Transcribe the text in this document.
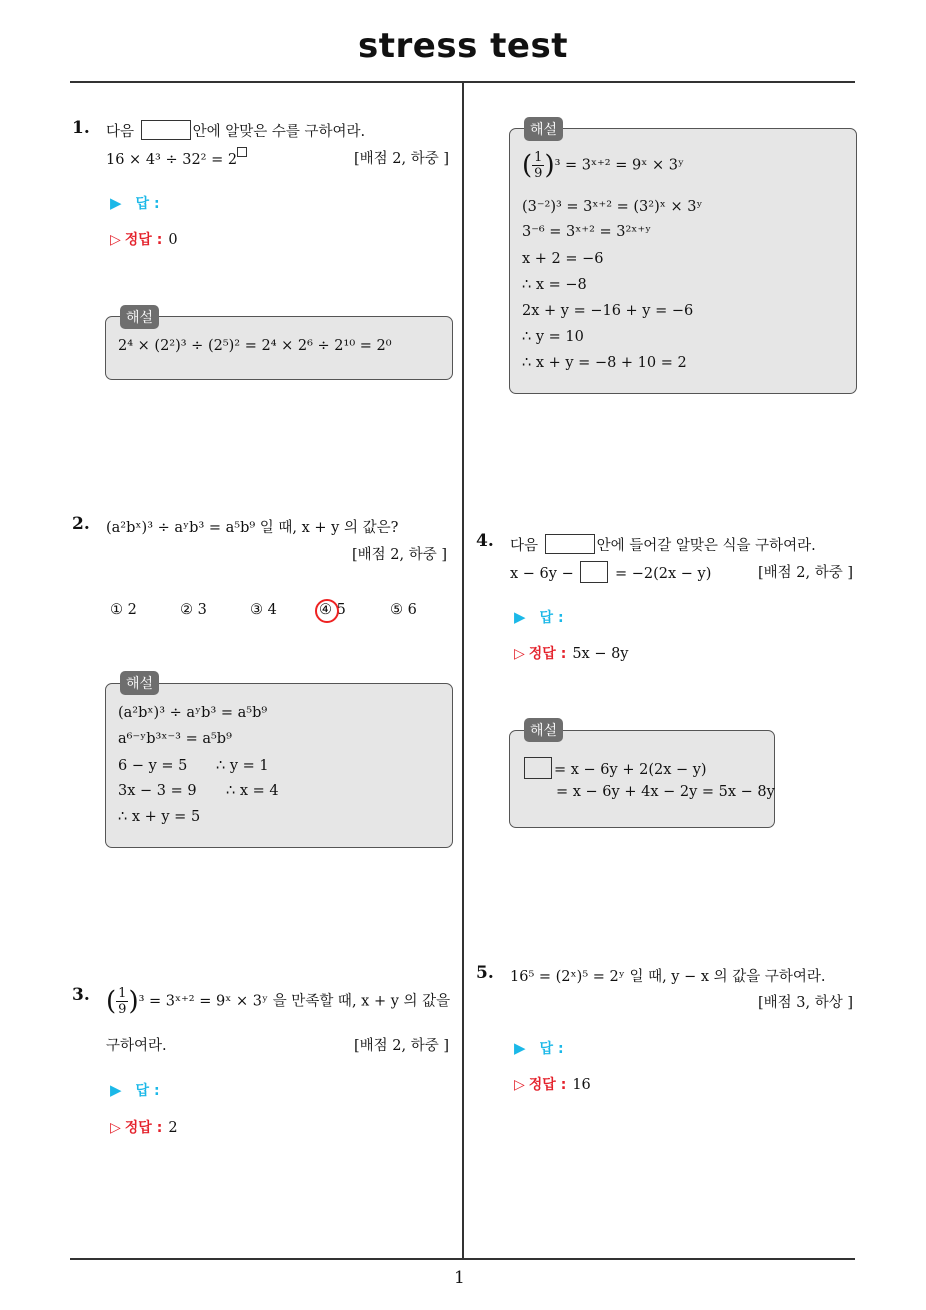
stress test
1
1. 다음	안에 알맞은 수를 구하여라.
16 × 4³ ÷ 32² = 2	[배점 2, 하중 ]
▶ 답 :
▷ 정답 : 0
해설
2⁴ × (2²)³ ÷ (2⁵)² = 2⁴ × 2⁶ ÷ 2¹⁰ = 2⁰
2. (a²bˣ)³ ÷ aʸb³ = a⁵b⁹ 일 때, x + y 의 값은?
[배점 2, 하중 ]
① 2	② 3	③ 4	④ 5	⑤ 6
해설
(a²bˣ)³ ÷ aʸb³ = a⁵b⁹
a⁶⁻ʸb³ˣ⁻³ = a⁵b⁹
6 − y = 5 ∴ y = 1
3x − 3 = 9 ∴ x = 4
∴ x + y = 5
3. ( $\frac{1}{9} )^3$ = 3ˣ⁺² = 9ˣ × 3ʸ 을 만족할 때, x + y 의 값을
구하여라.	[배점 2, 하중 ]
▶ 답 :
▷ 정답 : 2
해설
( $\frac{1}{9} )^3$ = 3ˣ⁺² = 9ˣ × 3ʸ
(3⁻²)³ = 3ˣ⁺² = (3²)ˣ × 3ʸ
3⁻⁶ = 3ˣ⁺² = 3²ˣ⁺ʸ
x + 2 = −6
∴ x = −8
2x + y = −16 + y = −6
∴ y = 10
∴ x + y = −8 + 10 = 2
4. 다음	안에 들어갈 알맞은 식을 구하여라.
x − 6y −	= −2(2x − y)	[배점 2, 하중 ]
▶ 답 :
▷ 정답 : 5x − 8y
해설
= x − 6y + 2(2x − y)
= x − 6y + 4x − 2y = 5x − 8y
5. 16⁵ = (2ˣ)⁵ = 2ʸ 일 때, y − x 의 값을 구하여라.
[배점 3, 하상 ]
▶ 답 :
▷ 정답 : 16
